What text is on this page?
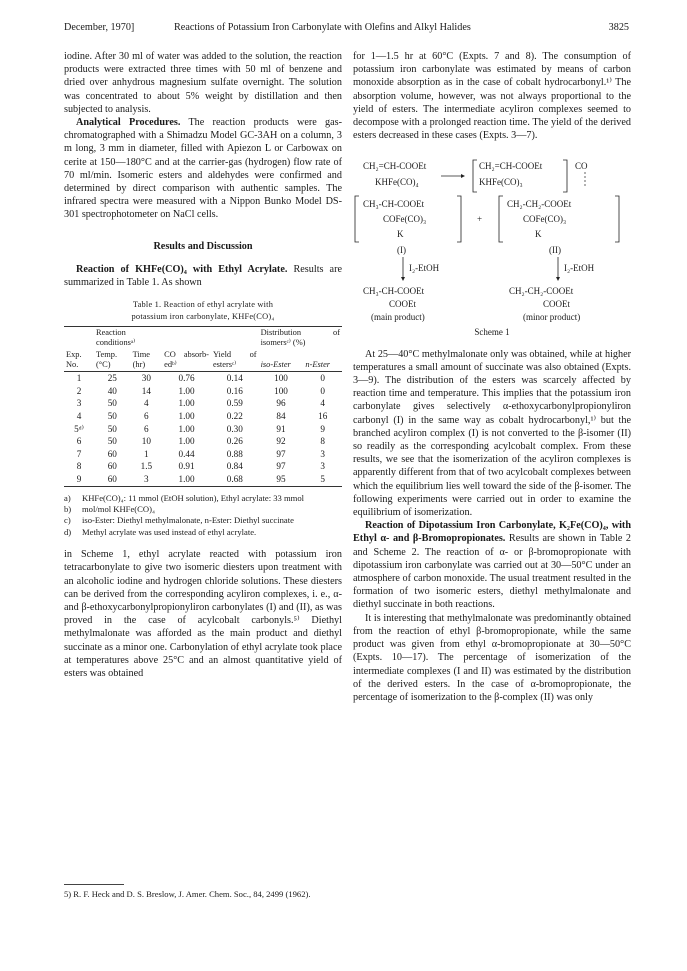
December, 1970]	Reactions of Potassium Iron Carbonylate with Olefins and Alkyl Halides	3825

iodine. After 30 ml of water was added to the solution, the reaction products were extracted three times with 50 ml of benzene and dried over anhydrous magnesium sulfate overnight. The solution was concentrated to about 5% weight by distillation and then subjected to analysis.

Analytical Procedures. The reaction products were gas-chromatographed with a Shimadzu Model GC-3AH on a column, 3 m long, 3 mm in diameter, filled with Apiezon L or Carbowax on cerite at 150—180°C and at the carrier-gas (hydrogen) flow rate of 70 ml/min. Isomeric esters and aldehydes were confirmed and determined by direct comparison with authentic samples. The infrared spectra were measured with a Nippon Bunko Model DS-301 spectrophotometer on NaCl cells.

Results and Discussion

Reaction of KHFe(CO)₄ with Ethyl Acrylate. Results are summarized in Table 1. As shown

Table 1. Reaction of ethyl acrylate with
potassium iron carbonylate, KHFe(CO)₄
Exp. No.	Reaction conditionsᵃ⁾		CO absorb- edᵇ⁾	Yield of estersᶜ⁾	Distribution of isomersᶜ⁾ (%)	
	Temp. (°C)	Time (hr)			iso-Ester	n-Ester
1	25	30	0.76	0.14	100	0
2	40	14	1.00	0.16	100	0
3	50	4	1.00	0.59	96	4
4	50	6	1.00	0.22	84	16
5ᵈ⁾	50	6	1.00	0.30	91	9
6	50	10	1.00	0.26	92	8
7	60	1	0.44	0.88	97	3
8	60	1.5	0.91	0.84	97	3
9	60	3	1.00	0.68	95	5
a)	KHFe(CO)₄: 11 mmol (EtOH solution), Ethyl acrylate: 33 mmol
b)	mol/mol KHFe(CO)₄
c)	iso-Ester: Diethyl methylmalonate, n-Ester: Diethyl succinate
d)	Methyl acrylate was used instead of ethyl acrylate.

in Scheme 1, ethyl acrylate reacted with potassium iron tetracarbonylate to give two isomeric diesters upon treatment with an alcoholic iodine and hydrogen chloride solutions. These diesters can be derived from the corresponding acyliron complexes, i. e., α- and β-ethoxycarbonylpropionyliron carbonylates (I) and (II), as was proved in the case of acylcobalt carbonyls.⁵⁾ Diethyl methylmalonate was afforded as the main product and diethyl succinate as a minor one. Carbonylation of ethyl acrylate took place at temperatures above 25°C and an almost quantitative yield of esters was obtained

5) R. F. Heck and D. S. Breslow, J. Amer. Chem. Soc., 84, 2499 (1962).

for 1—1.5 hr at 60°C (Expts. 7 and 8). The consumption of potassium iron carbonylate was estimated by means of carbon monoxide absorption as in the case of cobalt hydrocarbonyl.¹⁾ The absorption volume, however, was not always proportional to the yield of esters. The intermediate acyliron complexes seemed to decompose with a prolonged reaction time. The yield of the derived esters decreased in these cases (Expts. 3—7).

CH₂=CH-COOEt
KHFe(CO)₄
CH₂=CH-COOEt
KHFe(CO)₃
CO
CH₃-CH-COOEt
COFe(CO)₃
K
+
CH₂-CH₂-COOEt
COFe(CO)₃
K
(I)	(II)
I₂-EtOH	I₂-EtOH
CH₃-CH-COOEt
COOEt
(main product)
CH₂-CH₂-COOEt
COOEt
(minor product)
Scheme 1

At 25—40°C methylmalonate only was obtained, while at higher temperatures a small amount of succinate was also obtained (Expts. 3—9). The distribution of the esters was scarcely affected by reaction time and temperature. This implies that the potassium iron carbonylate gives selectively α-ethoxycarbonylpropionyliron carbonyl (I) in the same way as cobalt hydrocarbonyl,¹⁾ but the branched acyliron complex (I) is not converted to the β-isomer (II) so readily as the corresponding acylcobalt complex. From these results, we see that the isomerization of the acyliron complexes is apparently different from that of two acylcobalt complexes between which the equilibrium lies well toward the side of the β-isomer. The following experiments were carried out in order to examine the equilibrium of isomerization.

Reaction of Dipotassium Iron Carbonylate, K₂Fe(CO)₄, with Ethyl α- and β-Bromopropionates. Results are shown in Table 2 and Scheme 2. The reaction of α- or β-bromopropionate with dipotassium iron carbonylate was carried out at 30—50°C under an atmosphere of carbon monoxide. The usual treatment resulted in the formation of two isomeric esters, diethyl methylmalonate and diethyl succinate in both reactions.

It is interesting that methylmalonate was predominantly obtained from the reaction of ethyl β-bromopropionate, while the same product was given from ethyl α-bromopropionate at 30—50°C (Expts. 10—17). The percentage of isomerization of the intermediate complexes (I and II) was estimated by the distribution of the derived esters. In the case of α-bromopropionate, the percentage of isomerization to the β-complex (II) was only
